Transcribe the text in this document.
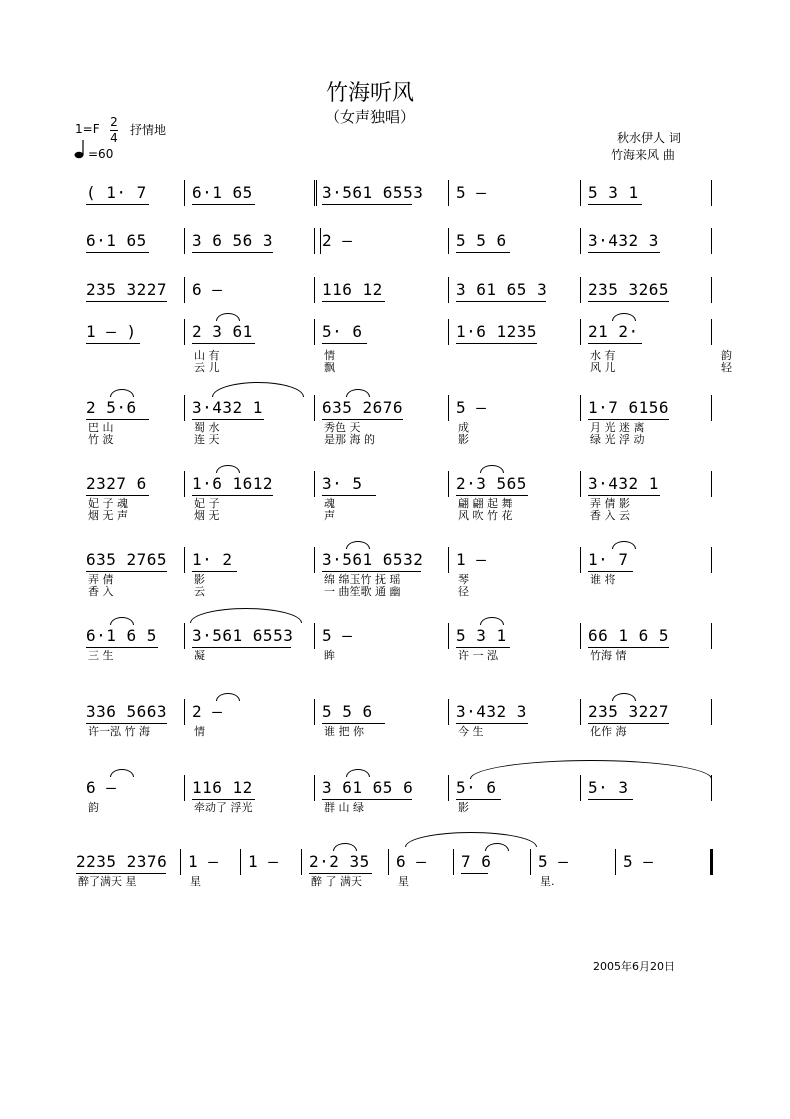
竹海听风
（女声独唱）
1=F 2
4
抒情地
=60
秋水伊人 词
竹海来风 曲
( 1· 7	6·1 65	3·561 6553 5 –	5 3 1
6·1 65	3 6 56 3	2 –	5 5 6	3·432 3
235 3227 6 –	116 12	3 61 65 3	235 3265
1 – )	2 3 61	5· 6	1·6 1235	21 2·
山 有	情	水 有	韵
云 儿	飘	风 儿	轻
2 5·6	3·432 1	635 2676	5 –	1·7 6156
巴 山	蜀 水	秀色 天	成	月 光 迷 离
竹 波	连 天	是那 海 的	影	绿 光 浮 动
2327 6	1·6 1612	3· 5	2·3 565	3·432 1
妃 子 魂	妃 子	魂	翩 翩 起 舞	弄 倩 影
烟 无 声	烟 无	声	风 吹 竹 花	香 入 云
635 2765 1· 2	3·561 6532 1 –	1· 7
弄 倩	影	绵 绵玉竹 抚 瑶	琴	谁 将
香 入	云	一 曲笙歌 通 幽	径
6·1 6 5 3·561 6553 5 –	5 3 1	66 1 6 5
三 生	凝	眸	许 一 泓	竹海 情
336 5663 2 –	5 5 6	3·432 3	235 3227
许一泓 竹 海	情	谁 把 你	今 生	化作 海
6 –	116 12	3 61 65 6	5· 6	5· 3
韵	牵动了 浮光	群 山 绿	影
2235 2376 1 – 1 – 2·2 35 6 – 7 6	5 –	5 –
醉了满天 星	星	醉 了 满天	星	星.
2005年6月20日
